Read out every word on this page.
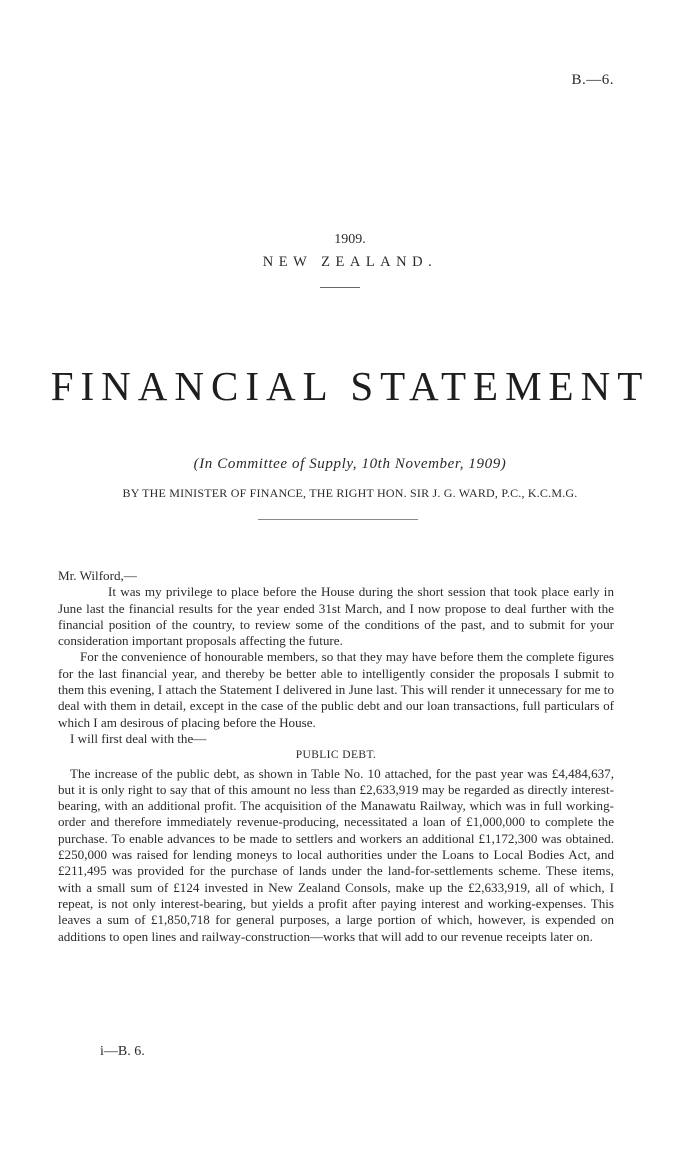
B.—6.
1909.
NEW ZEALAND.
FINANCIAL STATEMENT
(In Committee of Supply, 10th November, 1909)
BY THE MINISTER OF FINANCE, THE RIGHT HON. SIR J. G. WARD, P.C., K.C.M.G.

Mr. Wilford,—

It was my privilege to place before the House during the short session that took place early in June last the financial results for the year ended 31st March, and I now propose to deal further with the financial position of the country, to review some of the conditions of the past, and to submit for your consideration important proposals affecting the future.

For the convenience of honourable members, so that they may have before them the complete figures for the last financial year, and thereby be better able to intelligently consider the proposals I submit to them this evening, I attach the Statement I delivered in June last. This will render it unnecessary for me to deal with them in detail, except in the case of the public debt and our loan transactions, full particulars of which I am desirous of placing before the House.

I will first deal with the—

PUBLIC DEBT.

The increase of the public debt, as shown in Table No. 10 attached, for the past year was £4,484,637, but it is only right to say that of this amount no less than £2,633,919 may be regarded as directly interest-bearing, with an additional profit. The acquisition of the Manawatu Railway, which was in full working-order and therefore immediately revenue-producing, necessitated a loan of £1,000,000 to complete the purchase. To enable advances to be made to settlers and workers an additional £1,172,300 was obtained. £250,000 was raised for lending moneys to local authorities under the Loans to Local Bodies Act, and £211,495 was provided for the purchase of lands under the land-for-settlements scheme. These items, with a small sum of £124 invested in New Zealand Consols, make up the £2,633,919, all of which, I repeat, is not only interest-bearing, but yields a profit after paying interest and working-expenses. This leaves a sum of £1,850,718 for general purposes, a large portion of which, however, is expended on additions to open lines and railway-construction—works that will add to our revenue receipts later on.

i—B. 6.
